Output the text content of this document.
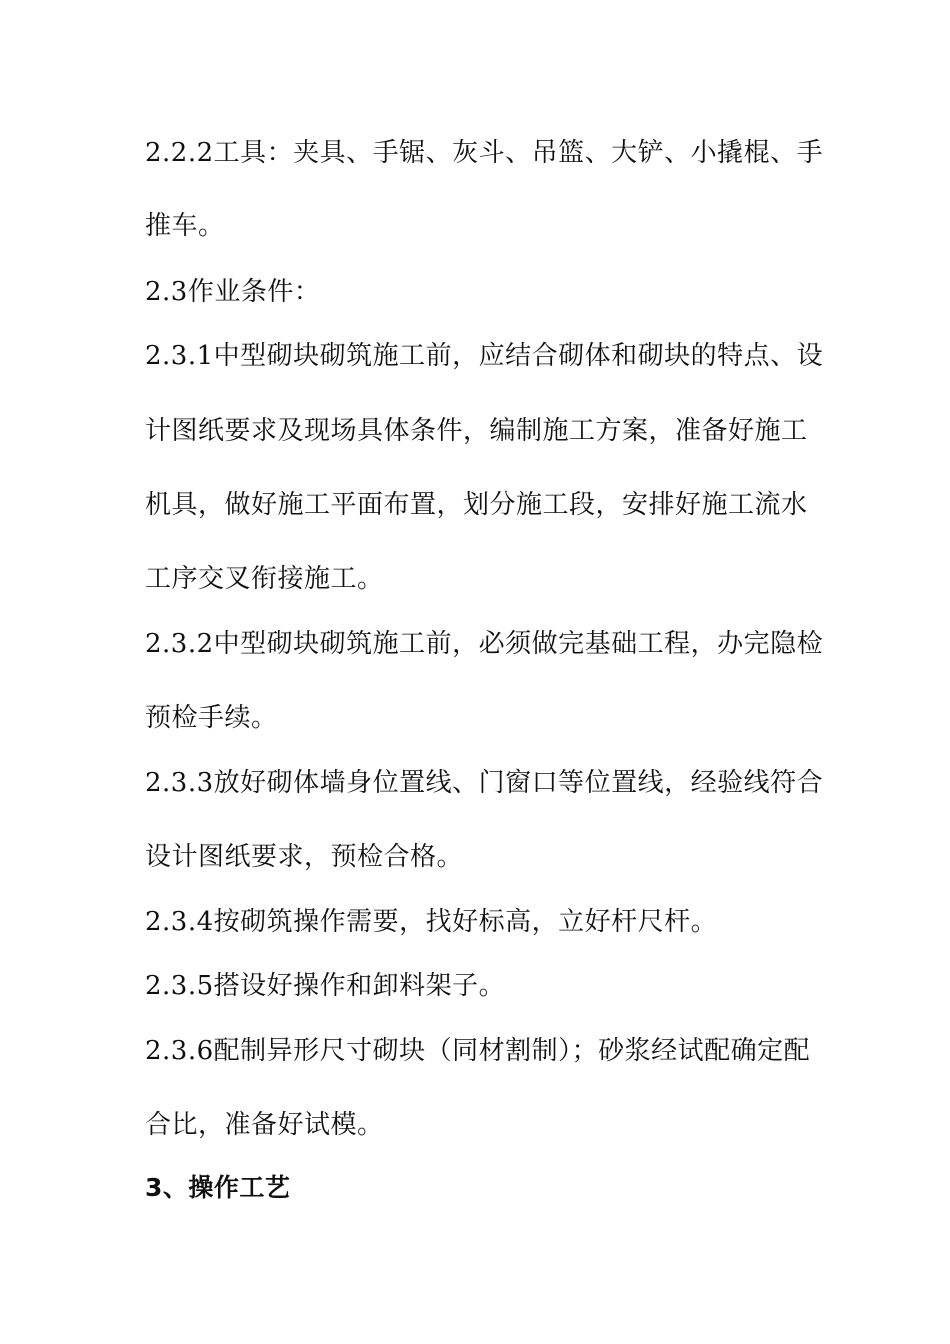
2.2.2工具：夹具、手锯、灰斗、吊篮、大铲、小撬棍、手
推车。
2.3作业条件：
2.3.1中型砌块砌筑施工前，应结合砌体和砌块的特点、设
计图纸要求及现场具体条件，编制施工方案，准备好施工
机具，做好施工平面布置，划分施工段，安排好施工流水
工序交叉衔接施工。
2.3.2中型砌块砌筑施工前，必须做完基础工程，办完隐检
预检手续。
2.3.3放好砌体墙身位置线、门窗口等位置线，经验线符合
设计图纸要求，预检合格。
2.3.4按砌筑操作需要，找好标高，立好杆尺杆。
2.3.5搭设好操作和卸料架子。
2.3.6配制异形尺寸砌块（同材割制）；砂浆经试配确定配
合比，准备好试模。
3、操作工艺
